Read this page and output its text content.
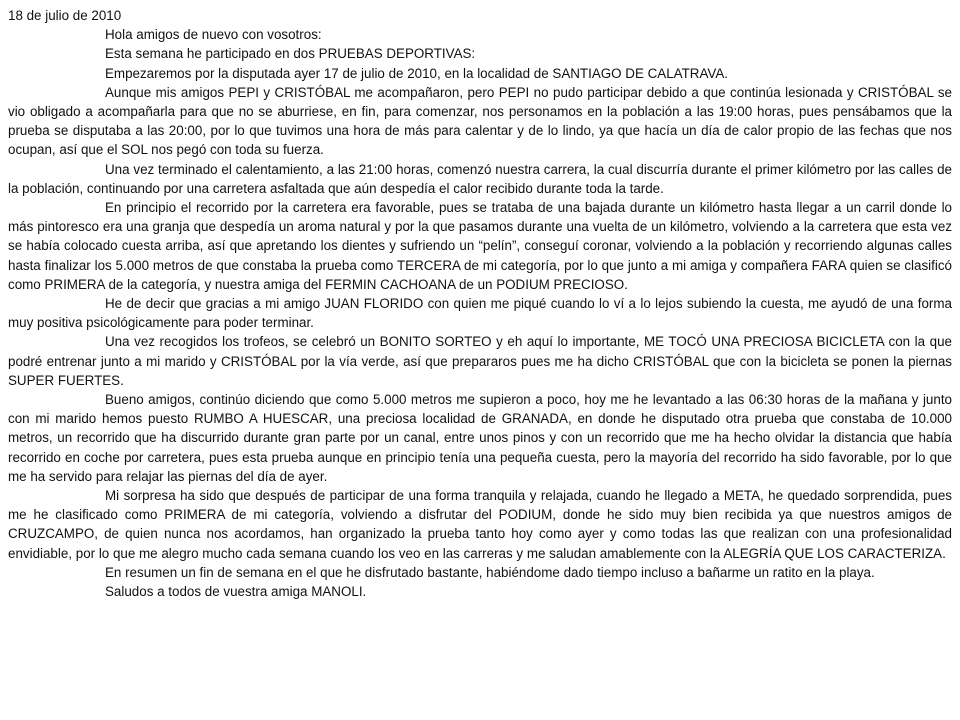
18 de julio de 2010

Hola amigos de nuevo con vosotros:

Esta semana he participado en dos PRUEBAS DEPORTIVAS:

Empezaremos por la disputada ayer 17 de julio de 2010, en la localidad de SANTIAGO DE CALATRAVA.

Aunque mis amigos PEPI y CRISTÓBAL me acompañaron, pero PEPI no pudo participar debido a que continúa lesionada y CRISTÓBAL se vio obligado a acompañarla para que no se aburriese, en fin, para comenzar, nos personamos en la población a las 19:00 horas, pues pensábamos que la prueba se disputaba a las 20:00, por lo que tuvimos una hora de más para calentar y de lo lindo, ya que hacía un día de calor propio de las fechas que nos ocupan, así que el SOL nos pegó con toda su fuerza.

Una vez terminado el calentamiento, a las 21:00 horas, comenzó nuestra carrera, la cual discurría durante el primer kilómetro por las calles de la población, continuando por una carretera asfaltada que aún despedía el calor recibido durante toda la tarde.

En principio el recorrido por la carretera era favorable, pues se trataba de una bajada durante un kilómetro hasta llegar a un carril donde lo más pintoresco era una granja que despedía un aroma natural y por la que pasamos durante una vuelta de un kilómetro, volviendo a la carretera que esta vez se había colocado cuesta arriba, así que apretando los dientes y sufriendo un “pelín”, conseguí coronar, volviendo a la población y recorriendo algunas calles hasta finalizar los 5.000 metros de que constaba la prueba como TERCERA de mi categoría, por lo que junto a mi amiga y compañera FARA quien se clasificó como PRIMERA de la categoría, y nuestra amiga del FERMIN CACHOANA de un PODIUM PRECIOSO.

He de decir que gracias a mi amigo JUAN FLORIDO con quien me piqué cuando lo ví a lo lejos subiendo la cuesta, me ayudó de una forma muy positiva psicológicamente para poder terminar.

Una vez recogidos los trofeos, se celebró un BONITO SORTEO y eh aquí lo importante, ME TOCÓ UNA PRECIOSA BICICLETA con la que podré entrenar junto a mi marido y CRISTÓBAL por la vía verde, así que prepararos pues me ha dicho CRISTÓBAL que con la bicicleta se ponen la piernas SUPER FUERTES.

Bueno amigos, continúo diciendo que como 5.000 metros me supieron a poco, hoy me he levantado a las 06:30 horas de la mañana y junto con mi marido hemos puesto RUMBO A HUESCAR, una preciosa localidad de GRANADA, en donde he disputado otra prueba que constaba de 10.000 metros, un recorrido que ha discurrido durante gran parte por un canal, entre unos pinos y con un recorrido que me ha hecho olvidar la distancia que había recorrido en coche por carretera, pues esta prueba aunque en principio tenía una pequeña cuesta, pero la mayoría del recorrido ha sido favorable, por lo que me ha servido para relajar las piernas del día de ayer.

Mi sorpresa ha sido que después de participar de una forma tranquila y relajada, cuando he llegado a META, he quedado sorprendida, pues me he clasificado como PRIMERA de mi categoría, volviendo a disfrutar del PODIUM, donde he sido muy bien recibida ya que nuestros amigos de CRUZCAMPO, de quien nunca nos acordamos, han organizado la prueba tanto hoy como ayer y como todas las que realizan con una profesionalidad envidiable, por lo que me alegro mucho cada semana cuando los veo en las carreras y me saludan amablemente con la ALEGRÍA QUE LOS CARACTERIZA.

En resumen un fin de semana en el que he disfrutado bastante, habiéndome dado tiempo incluso a bañarme un ratito en la playa.

Saludos a todos de vuestra amiga MANOLI.
